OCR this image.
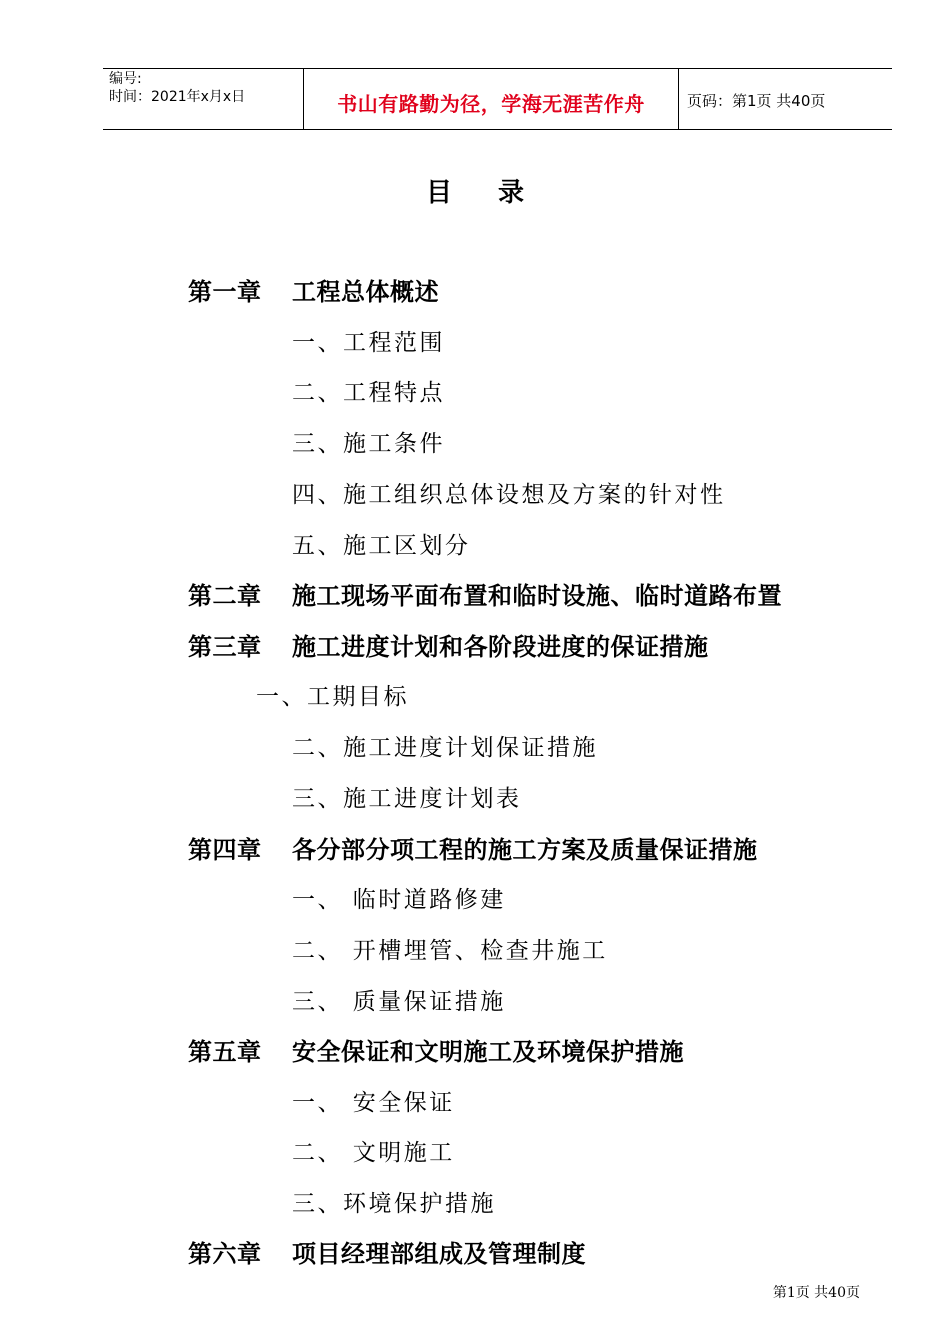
编号:
时间：2021年x月x日	书山有路勤为径，学海无涯苦作舟	页码：第1页 共40页
目 录
第一章 工程总体概述
一、工程范围
二、工程特点
三、施工条件
四、施工组织总体设想及方案的针对性
五、施工区划分
第二章 施工现场平面布置和临时设施、临时道路布置
第三章 施工进度计划和各阶段进度的保证措施
一、工期目标
二、施工进度计划保证措施
三、施工进度计划表
第四章 各分部分项工程的施工方案及质量保证措施
一、 临时道路修建
二、 开槽埋管、检查井施工
三、 质量保证措施
第五章 安全保证和文明施工及环境保护措施
一、 安全保证
二、 文明施工
三、环境保护措施
第六章 项目经理部组成及管理制度
第1页 共40页
